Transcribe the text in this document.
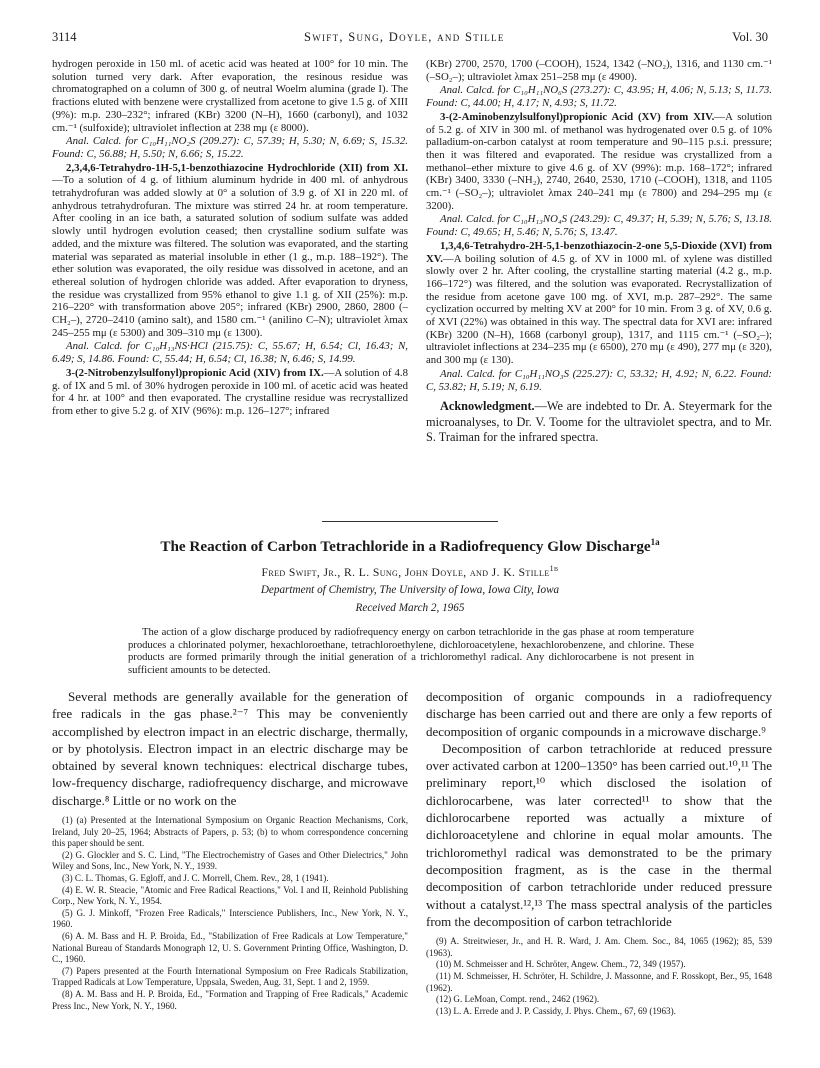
3114	Swift, Sung, Doyle, and Stille	Vol. 30

hydrogen peroxide in 150 ml. of acetic acid was heated at 100° for 10 min. The solution turned very dark. After evaporation, the resinous residue was chromatographed on a column of 300 g. of neutral Woelm alumina (grade I). The fractions eluted with benzene were crystallized from acetone to give 1.5 g. of XIII (9%): m.p. 230–232°; infrared (KBr) 3200 (N–H), 1660 (carbonyl), and 1032 cm.⁻¹ (sulfoxide); ultraviolet inflection at 238 mμ (ε 8000).

Anal. Calcd. for C₁₀H₁₁NO₂S (209.27): C, 57.39; H, 5.30; N, 6.69; S, 15.32. Found: C, 56.88; H, 5.50; N, 6.66; S, 15.22.

2,3,4,6-Tetrahydro-1H-5,1-benzothiazocine Hydrochloride (XII) from XI.—To a solution of 4 g. of lithium aluminum hydride in 400 ml. of anhydrous tetrahydrofuran was added slowly at 0° a solution of 3.9 g. of XI in 220 ml. of anhydrous tetrahydrofuran. The mixture was stirred 24 hr. at room temperature. After cooling in an ice bath, a saturated solution of sodium sulfate was added slowly until hydrogen evolution ceased; then crystalline sodium sulfate was added, and the mixture was filtered. The solution was evaporated, and the starting material was separated as material insoluble in ether (1 g., m.p. 188–192°). The ether solution was evaporated, the oily residue was dissolved in acetone, and an ethereal solution of hydrogen chloride was added. After evaporation to dryness, the residue was crystallized from 95% ethanol to give 1.1 g. of XII (25%): m.p. 216–220° with transformation above 205°; infrared (KBr) 2900, 2860, 2800 (–CH₂–), 2720–2410 (amino salt), and 1580 cm.⁻¹ (anilino C–N); ultraviolet λmax 245–255 mμ (ε 5300) and 309–310 mμ (ε 1300).

Anal. Calcd. for C₁₀H₁₃NS·HCl (215.75): C, 55.67; H, 6.54; Cl, 16.43; N, 6.49; S, 14.86. Found: C, 55.44; H, 6.54; Cl, 16.38; N, 6.46; S, 14.99.

3-(2-Nitrobenzylsulfonyl)propionic Acid (XIV) from IX.—A solution of 4.8 g. of IX and 5 ml. of 30% hydrogen peroxide in 100 ml. of acetic acid was heated for 4 hr. at 100° and then evaporated. The crystalline residue was recrystallized from ether to give 5.2 g. of XIV (96%): m.p. 126–127°; infrared

(KBr) 2700, 2570, 1700 (–COOH), 1524, 1342 (–NO₂), 1316, and 1130 cm.⁻¹ (–SO₂–); ultraviolet λmax 251–258 mμ (ε 4900).

Anal. Calcd. for C₁₀H₁₁NO₆S (273.27): C, 43.95; H, 4.06; N, 5.13; S, 11.73. Found: C, 44.00; H, 4.17; N, 4.93; S, 11.72.

3-(2-Aminobenzylsulfonyl)propionic Acid (XV) from XIV.—A solution of 5.2 g. of XIV in 300 ml. of methanol was hydrogenated over 0.5 g. of 10% palladium-on-carbon catalyst at room temperature and 90–115 p.s.i. pressure; then it was filtered and evaporated. The residue was crystallized from a methanol–ether mixture to give 4.6 g. of XV (99%): m.p. 168–172°; infrared (KBr) 3400, 3330 (–NH₂), 2740, 2640, 2530, 1710 (–COOH), 1318, and 1105 cm.⁻¹ (–SO₂–); ultraviolet λmax 240–241 mμ (ε 7800) and 294–295 mμ (ε 3200).

Anal. Calcd. for C₁₀H₁₃NO₄S (243.29): C, 49.37; H, 5.39; N, 5.76; S, 13.18. Found: C, 49.65; H, 5.46; N, 5.76; S, 13.47.

1,3,4,6-Tetrahydro-2H-5,1-benzothiazocin-2-one 5,5-Dioxide (XVI) from XV.—A boiling solution of 4.5 g. of XV in 1000 ml. of xylene was distilled slowly over 2 hr. After cooling, the crystalline starting material (4.2 g., m.p. 166–172°) was filtered, and the solution was evaporated. Recrystallization of the residue from acetone gave 100 mg. of XVI, m.p. 287–292°. The same cyclization occurred by melting XV at 200° for 10 min. From 3 g. of XV, 0.6 g. of XVI (22%) was obtained in this way. The spectral data for XVI are: infrared (KBr) 3200 (N–H), 1668 (carbonyl group), 1317, and 1115 cm.⁻¹ (–SO₂–); ultraviolet inflections at 234–235 mμ (ε 6500), 270 mμ (ε 490), 277 mμ (ε 320), and 300 mμ (ε 130).

Anal. Calcd. for C₁₀H₁₁NO₃S (225.27): C, 53.32; H, 4.92; N, 6.22. Found: C, 53.82; H, 5.19; N, 6.19.

Acknowledgment.—We are indebted to Dr. A. Steyermark for the microanalyses, to Dr. V. Toome for the ultraviolet spectra, and to Mr. S. Traiman for the infrared spectra.

The Reaction of Carbon Tetrachloride in a Radiofrequency Glow Discharge$^{1a}$
Fred Swift, Jr., R. L. Sung, John Doyle, and J. K. Stille$^{1b}$
Department of Chemistry, The University of Iowa, Iowa City, Iowa
Received March 2, 1965
The action of a glow discharge produced by radiofrequency energy on carbon tetrachloride in the gas phase at room temperature produces a chlorinated polymer, hexachloroethane, tetrachloroethylene, dichloroacetylene, hexachlorobenzene, and chlorine. These products are formed primarily through the initial generation of a trichloromethyl radical. Any dichlorocarbene is not present in sufficient amounts to be detected.

Several methods are generally available for the generation of free radicals in the gas phase.²⁻⁷ This may be conveniently accomplished by electron impact in an electric discharge, thermally, or by photolysis. Electron impact in an electric discharge may be obtained by several known techniques: electrical discharge tubes, low-frequency discharge, radiofrequency discharge, and microwave discharge.⁸ Little or no work on the

(1) (a) Presented at the International Symposium on Organic Reaction Mechanisms, Cork, Ireland, July 20–25, 1964; Abstracts of Papers, p. 53; (b) to whom correspondence concerning this paper should be sent.
(2) G. Glockler and S. C. Lind, "The Electrochemistry of Gases and Other Dielectrics," John Wiley and Sons, Inc., New York, N. Y., 1939.
(3) C. L. Thomas, G. Egloff, and J. C. Morrell, Chem. Rev., 28, 1 (1941).
(4) E. W. R. Steacie, "Atomic and Free Radical Reactions," Vol. I and II, Reinhold Publishing Corp., New York, N. Y., 1954.
(5) G. J. Minkoff, "Frozen Free Radicals," Interscience Publishers, Inc., New York, N. Y., 1960.
(6) A. M. Bass and H. P. Broida, Ed., "Stabilization of Free Radicals at Low Temperature," National Bureau of Standards Monograph 12, U. S. Government Printing Office, Washington, D. C., 1960.
(7) Papers presented at the Fourth International Symposium on Free Radicals Stabilization, Trapped Radicals at Low Temperature, Uppsala, Sweden, Aug. 31, Sept. 1 and 2, 1959.
(8) A. M. Bass and H. P. Broida, Ed., "Formation and Trapping of Free Radicals," Academic Press Inc., New York, N. Y., 1960.

decomposition of organic compounds in a radiofrequency discharge has been carried out and there are only a few reports of decomposition of organic compounds in a microwave discharge.⁹

Decomposition of carbon tetrachloride at reduced pressure over activated carbon at 1200–1350° has been carried out.¹⁰,¹¹ The preliminary report,¹⁰ which disclosed the isolation of dichlorocarbene, was later corrected¹¹ to show that the dichlorocarbene reported was actually a mixture of dichloroacetylene and chlorine in equal molar amounts. The trichloromethyl radical was demonstrated to be the primary decomposition fragment, as is the case in the thermal decomposition of carbon tetrachloride under reduced pressure without a catalyst.¹²,¹³ The mass spectral analysis of the particles from the decomposition of carbon tetrachloride

(9) A. Streitwieser, Jr., and H. R. Ward, J. Am. Chem. Soc., 84, 1065 (1962); 85, 539 (1963).
(10) M. Schmeisser and H. Schröter, Angew. Chem., 72, 349 (1957).
(11) M. Schmeisser, H. Schröter, H. Schildre, J. Massonne, and F. Rosskopt, Ber., 95, 1648 (1962).
(12) G. LeMoan, Compt. rend., 2462 (1962).
(13) L. A. Errede and J. P. Cassidy, J. Phys. Chem., 67, 69 (1963).
